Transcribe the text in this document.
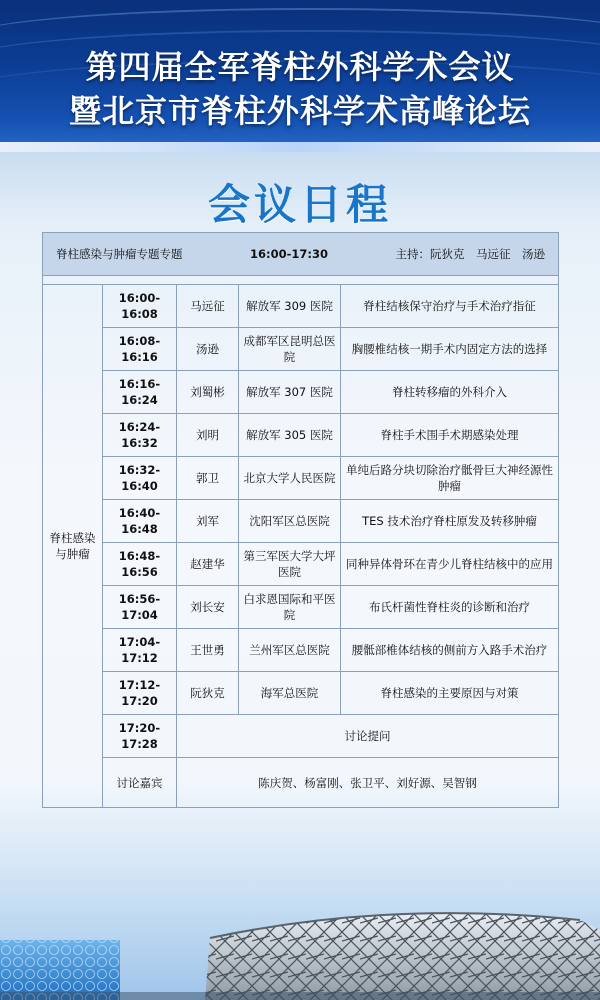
第四届全军脊柱外科学术会议
暨北京市脊柱外科学术高峰论坛
会议日程
脊柱感染与肿瘤专题专题 16:00-17:30 主持：阮狄克　马远征　汤逊				

脊柱感染与肿瘤	16:00-16:08	马远征	解放军 309 医院	脊柱结核保守治疗与手术治疗指征
	16:08-16:16	汤逊	成都军区昆明总医院	胸腰椎结核一期手术内固定方法的选择
	16:16-16:24	刘蜀彬	解放军 307 医院	脊柱转移瘤的外科介入
	16:24-16:32	刘明	解放军 305 医院	脊柱手术围手术期感染处理
	16:32-16:40	郭卫	北京大学人民医院	单纯后路分块切除治疗骶骨巨大神经源性肿瘤
	16:40-16:48	刘军	沈阳军区总医院	TES 技术治疗脊柱原发及转移肿瘤
	16:48-16:56	赵建华	第三军医大学大坪医院	同种异体骨环在青少儿脊柱结核中的应用
	16:56-17:04	刘长安	白求恩国际和平医院	布氏杆菌性脊柱炎的诊断和治疗
	17:04-17:12	王世勇	兰州军区总医院	腰骶部椎体结核的侧前方入路手术治疗
	17:12-17:20	阮狄克	海军总医院	脊柱感染的主要原因与对策
	17:20-17:28	讨论提问		
	讨论嘉宾	陈庆贺、杨富刚、张卫平、刘好源、吴智钢		
